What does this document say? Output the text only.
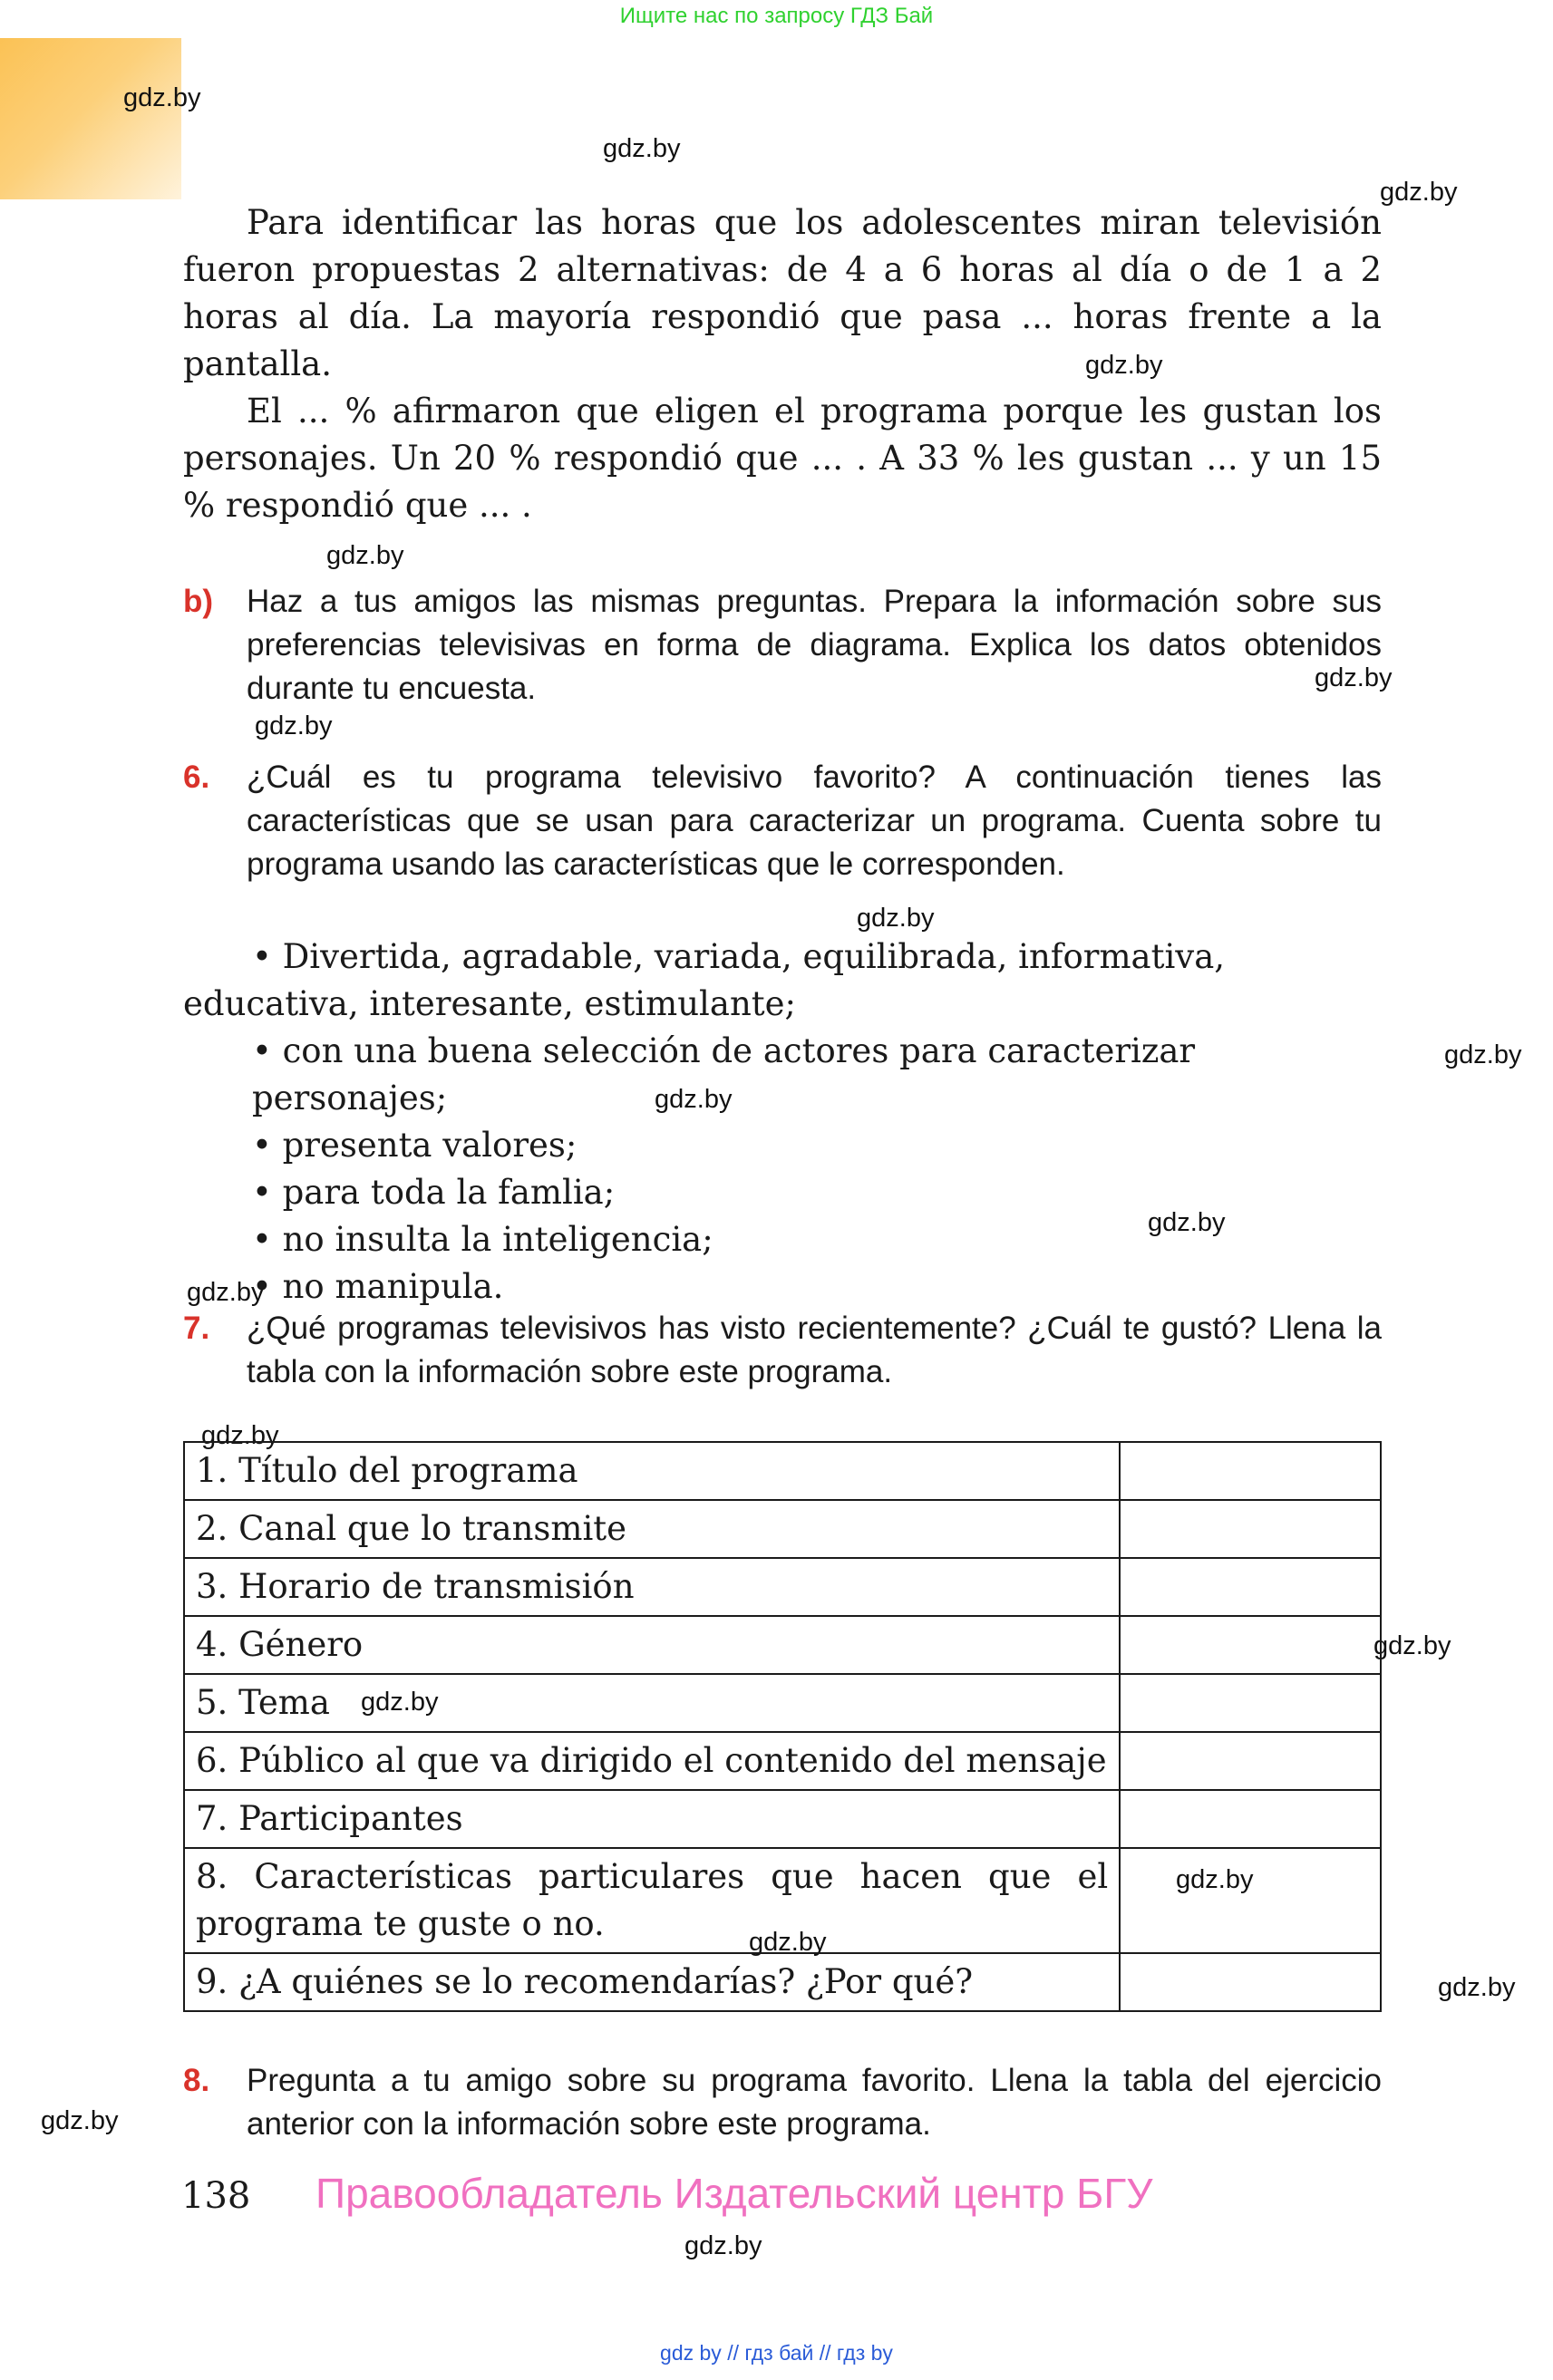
Ищите нас по запросу ГДЗ Бай
gdz.by
gdz.by
gdz.by
gdz.by
gdz.by
gdz.by
gdz.by
gdz.by
gdz.by
gdz.by
gdz.by
gdz.by
gdz.by
gdz.by
gdz.by
gdz.by
gdz.by
gdz.by
gdz.by
gdz.by

Para identificar las horas que los adolescentes miran televisión fueron propuestas 2 alternativas: de 4 a 6 horas al día o de 1 a 2 horas al día. La mayoría respondió que pasa ... horas frente a la pantalla.

El ... % afirmaron que eligen el programa porque les gustan los personajes. Un 20 % respondió que ... . A 33 % les gustan ... y un 15 % respondió que ... .

b) Haz a tus amigos las mismas preguntas. Prepara la información sobre sus preferencias televisivas en forma de diagrama. Explica los datos obtenidos durante tu encuesta.
6. ¿Cuál es tu programa televisivo favorito? A continuación tienes las características que se usan para caracterizar un programa. Cuenta sobre tu programa usando las características que le corresponden.
• Divertida, agradable, variada, equilibrada, informativa,
educativa, interesante, estimulante;
• con una buena selección de actores para caracterizar personajes;
• presenta valores;
• para toda la famlia;
• no insulta la inteligencia;
• no manipula.
7. ¿Qué programas televisivos has visto recientemente? ¿Cuál te gustó? Llena la tabla con la información sobre este programa.
1. Título del programa	
2. Canal que lo transmite	
3. Horario de transmisión	
4. Género	
5. Tema	
6. Público al que va dirigido el contenido del mensaje	
7. Participantes	
8. Características particulares que hacen que el programa te guste o no.	
9. ¿A quiénes se lo recomendarías? ¿Por qué?	
8. Pregunta a tu amigo sobre su programa favorito. Llena la tabla del ejercicio anterior con la información sobre este programa.
138 Правообладатель Издательский центр БГУ
gdz by // гдз бай // гдз by
